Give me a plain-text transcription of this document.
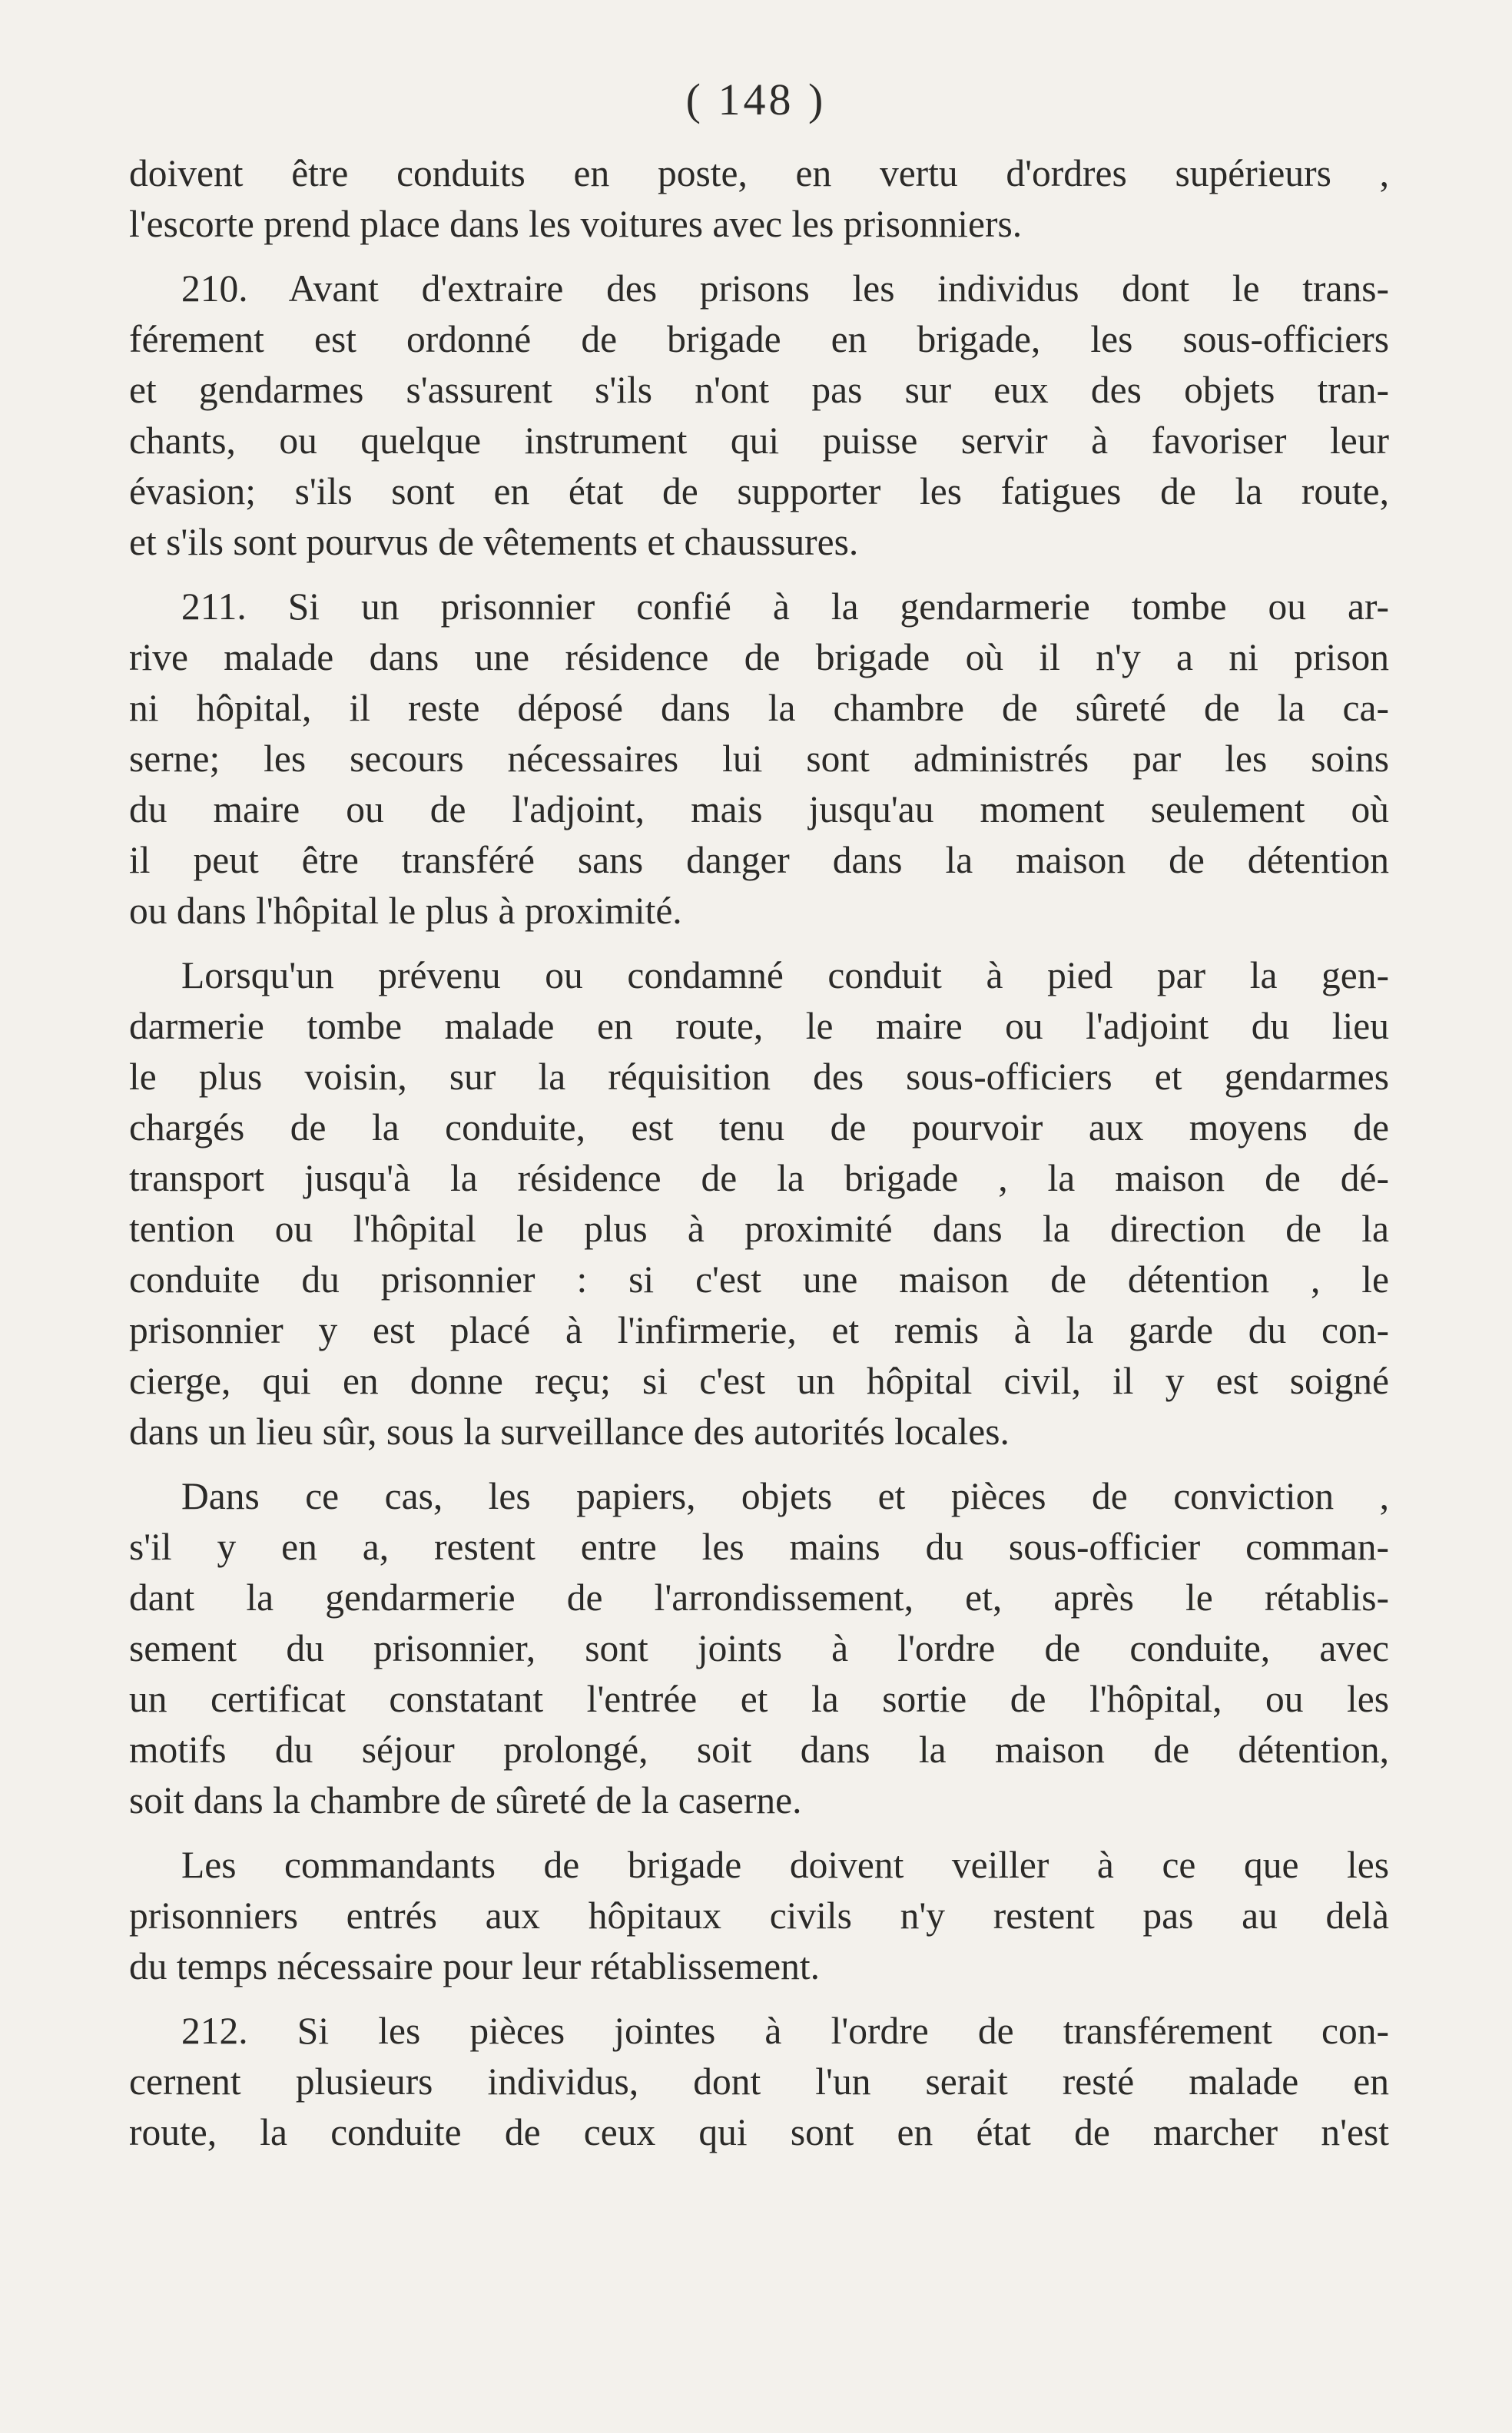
( 148 )
doivent être conduits en poste, en vertu d'ordres supérieurs ,
l'escorte prend place dans les voitures avec les prisonniers.
210. Avant d'extraire des prisons les individus dont le trans-
férement est ordonné de brigade en brigade, les sous-officiers
et gendarmes s'assurent s'ils n'ont pas sur eux des objets tran-
chants, ou quelque instrument qui puisse servir à favoriser leur
évasion; s'ils sont en état de supporter les fatigues de la route,
et s'ils sont pourvus de vêtements et chaussures.
211. Si un prisonnier confié à la gendarmerie tombe ou ar-
rive malade dans une résidence de brigade où il n'y a ni prison
ni hôpital, il reste déposé dans la chambre de sûreté de la ca-
serne; les secours nécessaires lui sont administrés par les soins
du maire ou de l'adjoint, mais jusqu'au moment seulement où
il peut être transféré sans danger dans la maison de détention
ou dans l'hôpital le plus à proximité.
Lorsqu'un prévenu ou condamné conduit à pied par la gen-
darmerie tombe malade en route, le maire ou l'adjoint du lieu
le plus voisin, sur la réquisition des sous-officiers et gendarmes
chargés de la conduite, est tenu de pourvoir aux moyens de
transport jusqu'à la résidence de la brigade , la maison de dé-
tention ou l'hôpital le plus à proximité dans la direction de la
conduite du prisonnier : si c'est une maison de détention , le
prisonnier y est placé à l'infirmerie, et remis à la garde du con-
cierge, qui en donne reçu; si c'est un hôpital civil, il y est soigné
dans un lieu sûr, sous la surveillance des autorités locales.
Dans ce cas, les papiers, objets et pièces de conviction ,
s'il y en a, restent entre les mains du sous-officier comman-
dant la gendarmerie de l'arrondissement, et, après le rétablis-
sement du prisonnier, sont joints à l'ordre de conduite, avec
un certificat constatant l'entrée et la sortie de l'hôpital, ou les
motifs du séjour prolongé, soit dans la maison de détention,
soit dans la chambre de sûreté de la caserne.
Les commandants de brigade doivent veiller à ce que les
prisonniers entrés aux hôpitaux civils n'y restent pas au delà
du temps nécessaire pour leur rétablissement.
212. Si les pièces jointes à l'ordre de transférement con-
cernent plusieurs individus, dont l'un serait resté malade en
route, la conduite de ceux qui sont en état de marcher n'est
